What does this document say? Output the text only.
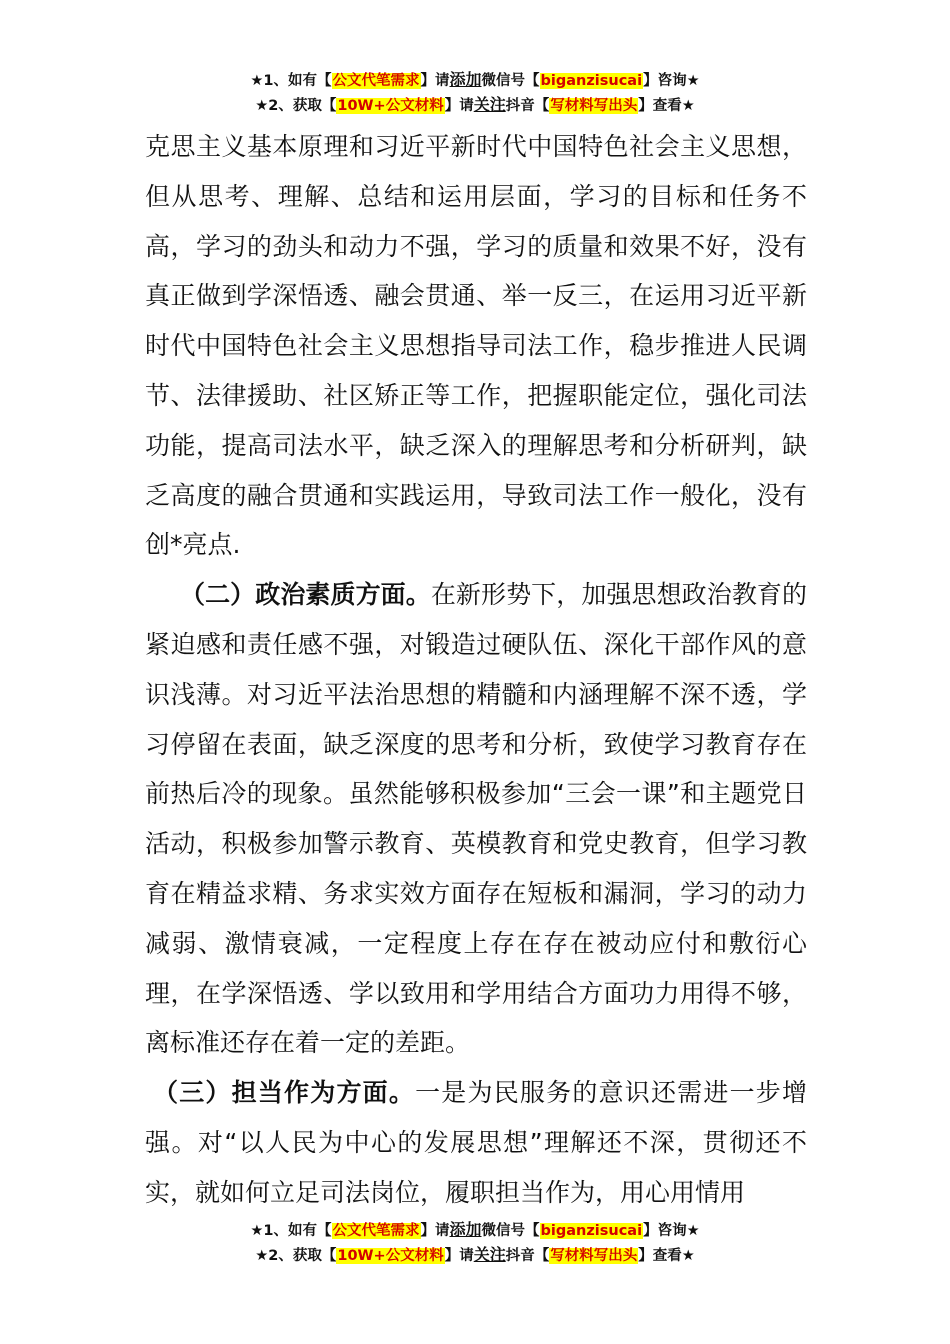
★1、如有【公文代笔需求】请添加微信号【biganzisucai】咨询★
★2、获取【10W+公文材料】请关注抖音【写材料写出头】查看★

克思主义基本原理和习近平新时代中国特色社会主义思想，但从思考、理解、总结和运用层面，学习的目标和任务不高，学习的劲头和动力不强，学习的质量和效果不好，没有真正做到学深悟透、融会贯通、举一反三，在运用习近平新时代中国特色社会主义思想指导司法工作，稳步推进人民调节、法律援助、社区矫正等工作，把握职能定位，强化司法功能，提高司法水平，缺乏深入的理解思考和分析研判，缺乏高度的融合贯通和实践运用，导致司法工作一般化，没有创*亮点.

（二）政治素质方面。在新形势下，加强思想政治教育的紧迫感和责任感不强，对锻造过硬队伍、深化干部作风的意识浅薄。对习近平法治思想的精髓和内涵理解不深不透，学习停留在表面，缺乏深度的思考和分析，致使学习教育存在前热后冷的现象。虽然能够积极参加“三会一课”和主题党日活动，积极参加警示教育、英模教育和党史教育，但学习教育在精益求精、务求实效方面存在短板和漏洞，学习的动力减弱、激情衰减，一定程度上存在存在被动应付和敷衍心理，在学深悟透、学以致用和学用结合方面功力用得不够，离标准还存在着一定的差距。

（三）担当作为方面。一是为民服务的意识还需进一步增强。对“以人民为中心的发展思想”理解还不深，贯彻还不实，就如何立足司法岗位，履职担当作为，用心用情用

★1、如有【公文代笔需求】请添加微信号【biganzisucai】咨询★
★2、获取【10W+公文材料】请关注抖音【写材料写出头】查看★
